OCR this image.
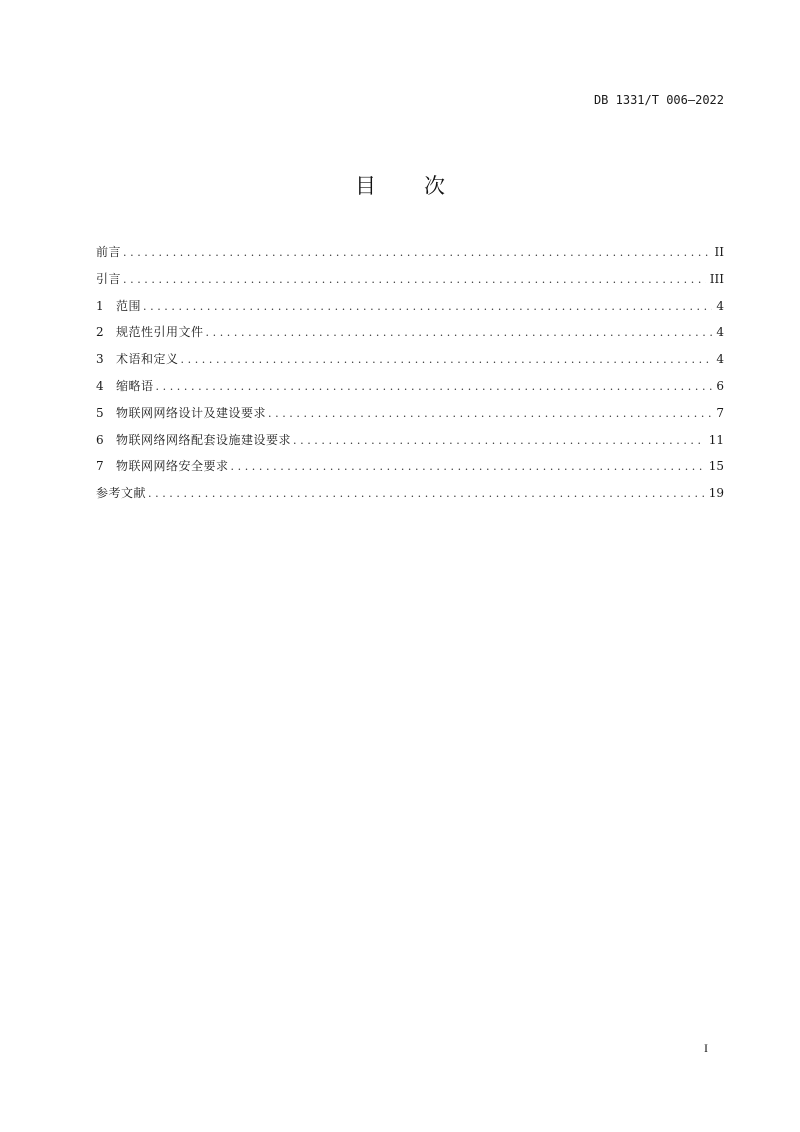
DB 1331/T 006—2022
目 次
前言 .....	II
引言 .....	III
1	范围 .....	4
2	规范性引用文件 .....	4
3	术语和定义 .....	4
4	缩略语 .....	6
5	物联网网络设计及建设要求 .....	7
6	物联网络网络配套设施建设要求 .....	11
7	物联网网络安全要求 .....	15
参考文献 .....	19
I
